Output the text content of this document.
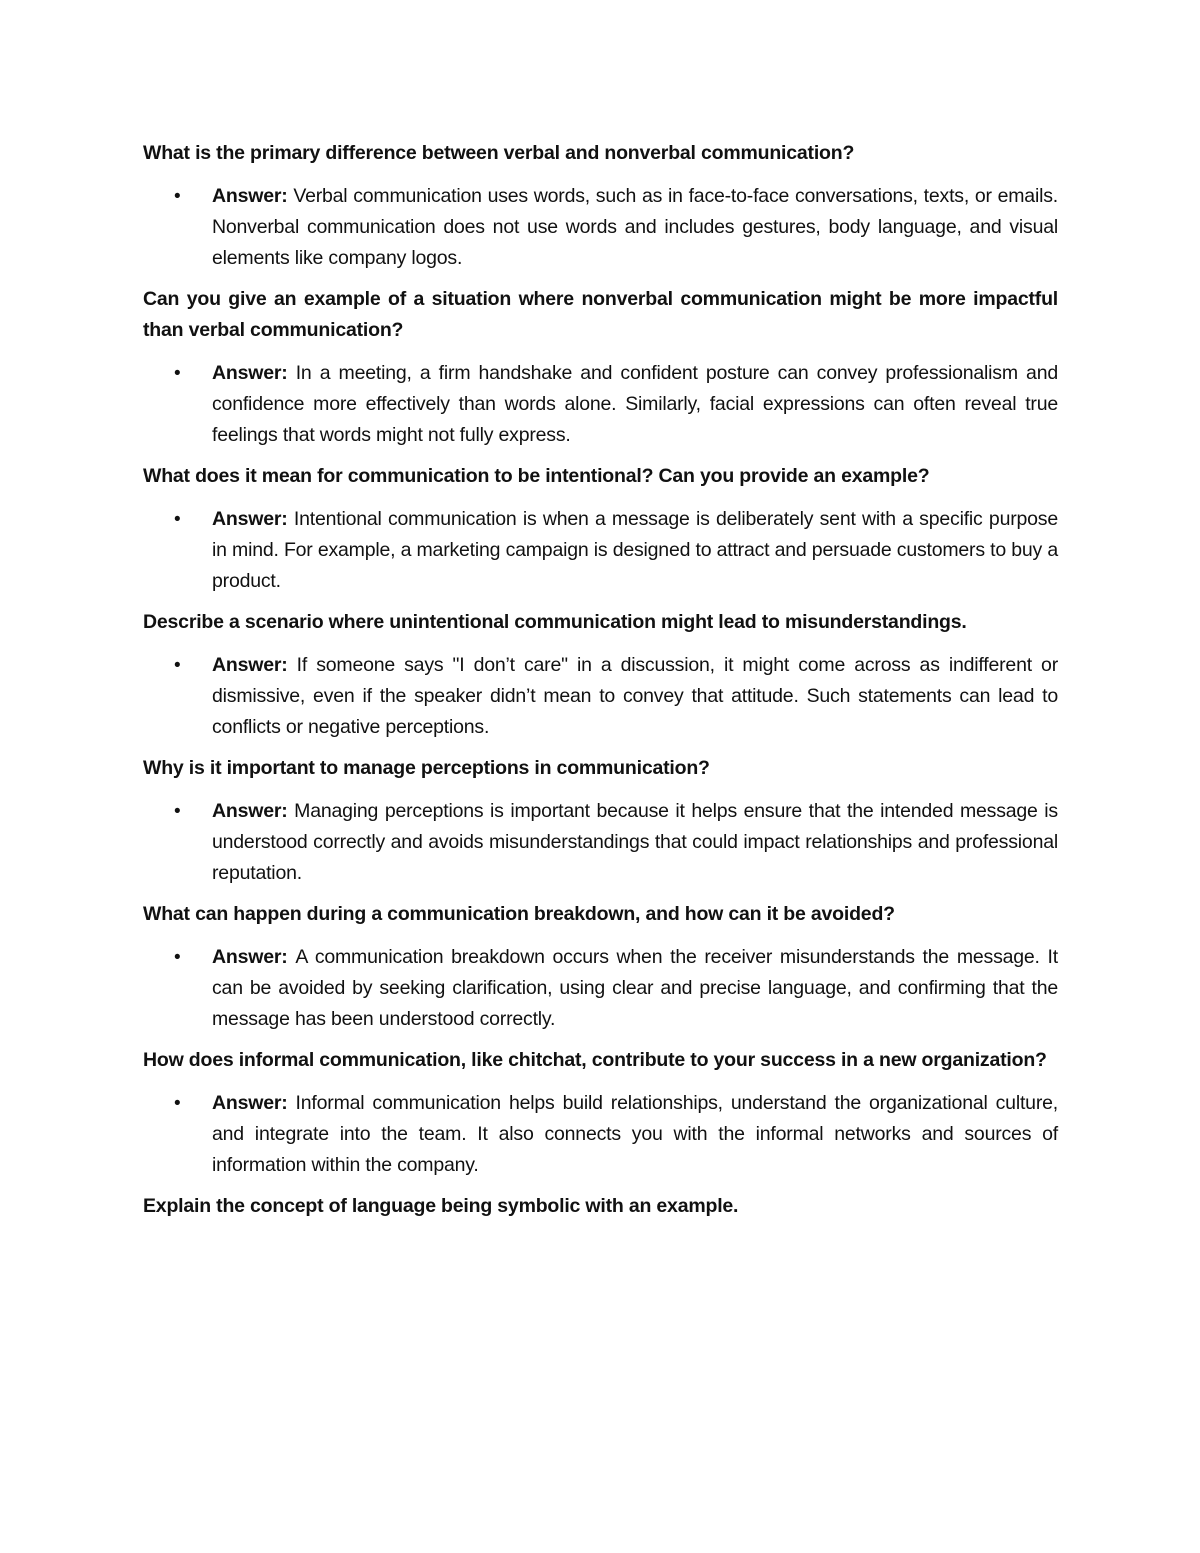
What is the primary difference between verbal and nonverbal communication?

• Answer: Verbal communication uses words, such as in face-to-face conversations, texts, or emails. Nonverbal communication does not use words and includes gestures, body language, and visual elements like company logos.

Can you give an example of a situation where nonverbal communication might be more impactful than verbal communication?

• Answer: In a meeting, a firm handshake and confident posture can convey professionalism and confidence more effectively than words alone. Similarly, facial expressions can often reveal true feelings that words might not fully express.

What does it mean for communication to be intentional? Can you provide an example?

• Answer: Intentional communication is when a message is deliberately sent with a specific purpose in mind. For example, a marketing campaign is designed to attract and persuade customers to buy a product.

Describe a scenario where unintentional communication might lead to misunderstandings.

• Answer: If someone says "I don’t care" in a discussion, it might come across as indifferent or dismissive, even if the speaker didn’t mean to convey that attitude. Such statements can lead to conflicts or negative perceptions.

Why is it important to manage perceptions in communication?

• Answer: Managing perceptions is important because it helps ensure that the intended message is understood correctly and avoids misunderstandings that could impact relationships and professional reputation.

What can happen during a communication breakdown, and how can it be avoided?

• Answer: A communication breakdown occurs when the receiver misunderstands the message. It can be avoided by seeking clarification, using clear and precise language, and confirming that the message has been understood correctly.

How does informal communication, like chitchat, contribute to your success in a new organization?

• Answer: Informal communication helps build relationships, understand the organizational culture, and integrate into the team. It also connects you with the informal networks and sources of information within the company.

Explain the concept of language being symbolic with an example.
